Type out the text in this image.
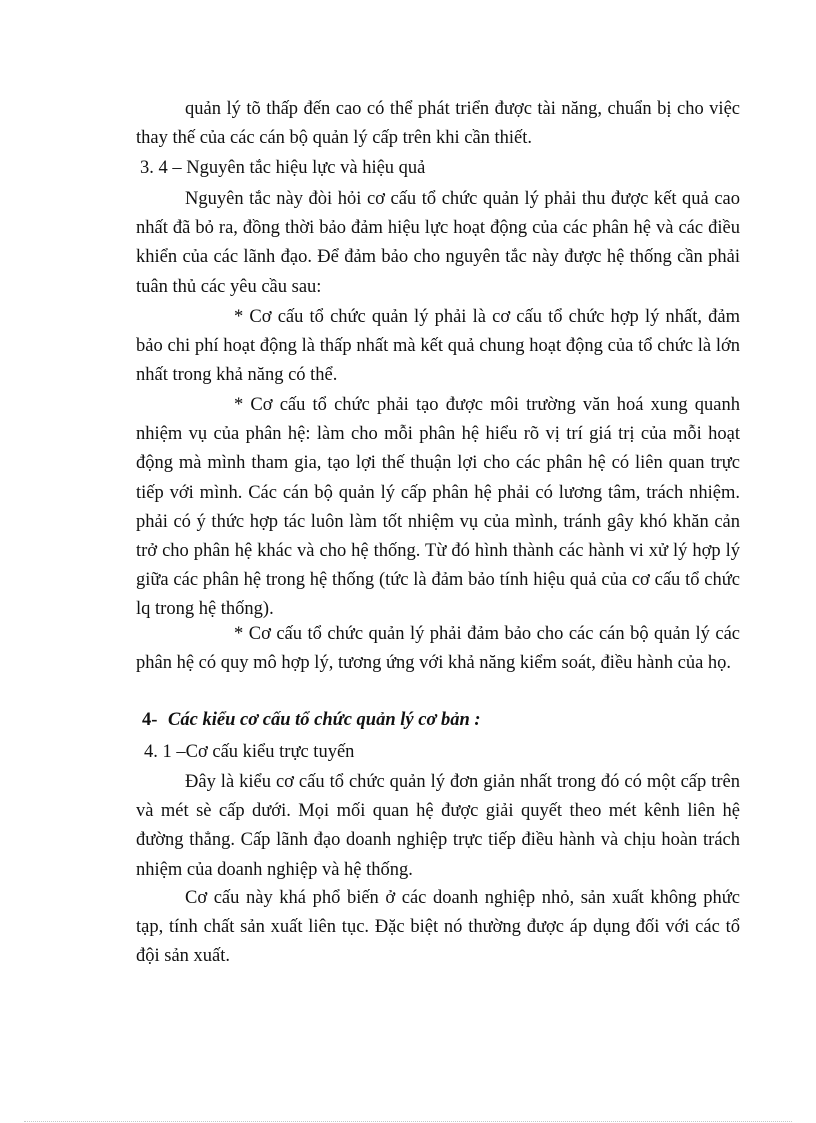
quản lý tõ thấp đến cao có thể phát triển được tài năng, chuẩn bị cho việc thay thế của các cán bộ quản lý cấp trên khi cần thiết.

3. 4 – Nguyên tắc hiệu lực và hiệu quả

Nguyên tắc này đòi hỏi cơ cấu tổ chức quản lý phải thu được kết quả cao nhất đã bỏ ra, đồng thời bảo đảm hiệu lực hoạt động của các phân hệ và các điều khiển của các lãnh đạo. Để đảm bảo cho nguyên tắc này được hệ thống cần phải tuân thủ các yêu cầu sau:

* Cơ cấu tổ chức quản lý phải là cơ cấu tổ chức hợp lý nhất, đảm bảo chi phí hoạt động là thấp nhất mà kết quả chung hoạt động của tổ chức là lớn nhất trong khả năng có thể.

* Cơ cấu tổ chức phải tạo được môi trường văn hoá xung quanh nhiệm vụ của phân hệ: làm cho mỗi phân hệ hiểu rõ vị trí giá trị của mỗi hoạt động mà mình tham gia, tạo lợi thế thuận lợi cho các phân hệ có liên quan trực tiếp với mình. Các cán bộ quản lý cấp phân hệ phải có lương tâm, trách nhiệm. phải có ý thức hợp tác luôn làm tốt nhiệm vụ của mình, tránh gây khó khăn cản trở cho phân hệ khác và cho hệ thống. Từ đó hình thành các hành vi xử lý hợp lý giữa các phân hệ trong hệ thống (tức là đảm bảo tính hiệu quả của cơ cấu tổ chức lq trong hệ thống).

* Cơ cấu tổ chức quản lý phải đảm bảo cho các cán bộ quản lý các phân hệ có quy mô hợp lý, tương ứng với khả năng kiểm soát, điều hành của họ.

4- Các kiểu cơ cấu tổ chức quản lý cơ bản :

4. 1 –Cơ cấu kiểu trực tuyến

Đây là kiểu cơ cấu tổ chức quản lý đơn giản nhất trong đó có một cấp trên và mét sè cấp dưới. Mọi mối quan hệ được giải quyết theo mét kênh liên hệ đường thẳng. Cấp lãnh đạo doanh nghiệp trực tiếp điều hành và chịu hoàn trách nhiệm của doanh nghiệp và hệ thống.

Cơ cấu này khá phổ biến ở các doanh nghiệp nhỏ, sản xuất không phức tạp, tính chất sản xuất liên tục. Đặc biệt nó thường được áp dụng đối với các tổ đội sản xuất.
